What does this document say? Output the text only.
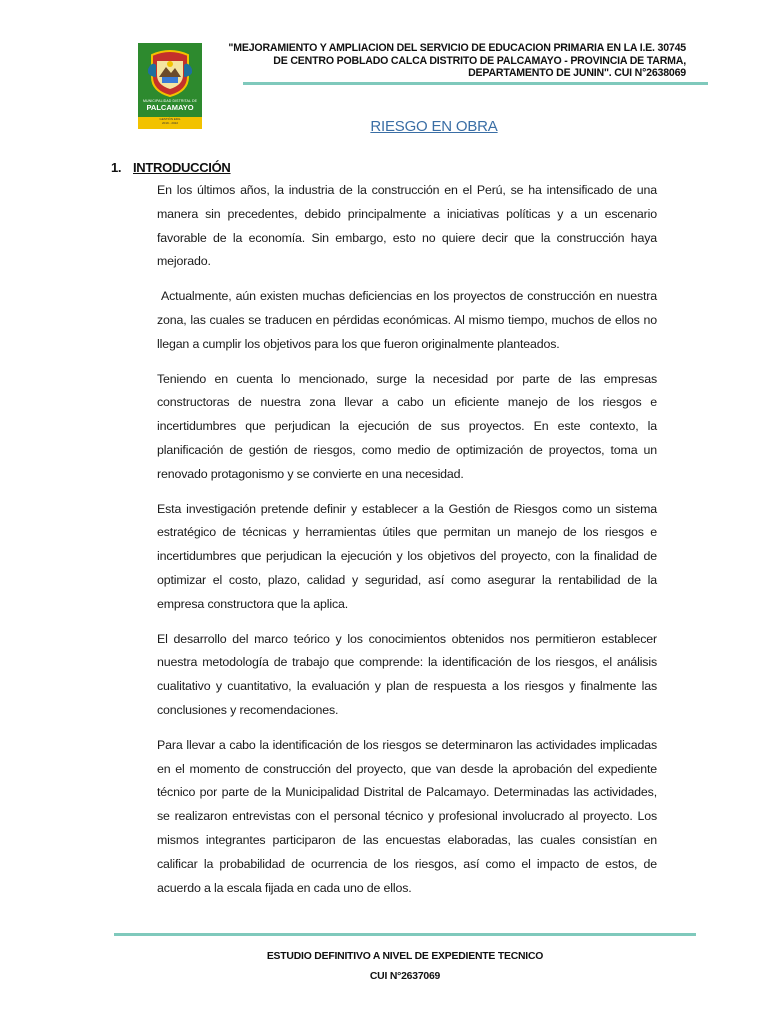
MUNICIPALIDAD DISTRITAL DE
PALCAMAYO
GESTIÓN EDIL
2019 - 2022
"MEJORAMIENTO Y AMPLIACION DEL SERVICIO DE EDUCACION PRIMARIA EN LA I.E. 30745
DE CENTRO POBLADO CALCA DISTRITO DE PALCAMAYO - PROVINCIA DE TARMA,
DEPARTAMENTO DE JUNIN". CUI N°2638069
RIESGO EN OBRA
1. INTRODUCCIÓN

En los últimos años, la industria de la construcción en el Perú, se ha intensificado de una manera sin precedentes, debido principalmente a iniciativas políticas y a un escenario favorable de la economía. Sin embargo, esto no quiere decir que la construcción haya mejorado.

Actualmente, aún existen muchas deficiencias en los proyectos de construcción en nuestra zona, las cuales se traducen en pérdidas económicas. Al mismo tiempo, muchos de ellos no llegan a cumplir los objetivos para los que fueron originalmente planteados.

Teniendo en cuenta lo mencionado, surge la necesidad por parte de las empresas constructoras de nuestra zona llevar a cabo un eficiente manejo de los riesgos e incertidumbres que perjudican la ejecución de sus proyectos. En este contexto, la planificación de gestión de riesgos, como medio de optimización de proyectos, toma un renovado protagonismo y se convierte en una necesidad.

Esta investigación pretende definir y establecer a la Gestión de Riesgos como un sistema estratégico de técnicas y herramientas útiles que permitan un manejo de los riesgos e incertidumbres que perjudican la ejecución y los objetivos del proyecto, con la finalidad de optimizar el costo, plazo, calidad y seguridad, así como asegurar la rentabilidad de la empresa constructora que la aplica.

El desarrollo del marco teórico y los conocimientos obtenidos nos permitieron establecer nuestra metodología de trabajo que comprende: la identificación de los riesgos, el análisis cualitativo y cuantitativo, la evaluación y plan de respuesta a los riesgos y finalmente las conclusiones y recomendaciones.

Para llevar a cabo la identificación de los riesgos se determinaron las actividades implicadas en el momento de construcción del proyecto, que van desde la aprobación del expediente técnico por parte de la Municipalidad Distrital de Palcamayo. Determinadas las actividades, se realizaron entrevistas con el personal técnico y profesional involucrado al proyecto. Los mismos integrantes participaron de las encuestas elaboradas, las cuales consistían en calificar la probabilidad de ocurrencia de los riesgos, así como el impacto de estos, de acuerdo a la escala fijada en cada uno de ellos.

ESTUDIO DEFINITIVO A NIVEL DE EXPEDIENTE TECNICO
CUI N°2637069
